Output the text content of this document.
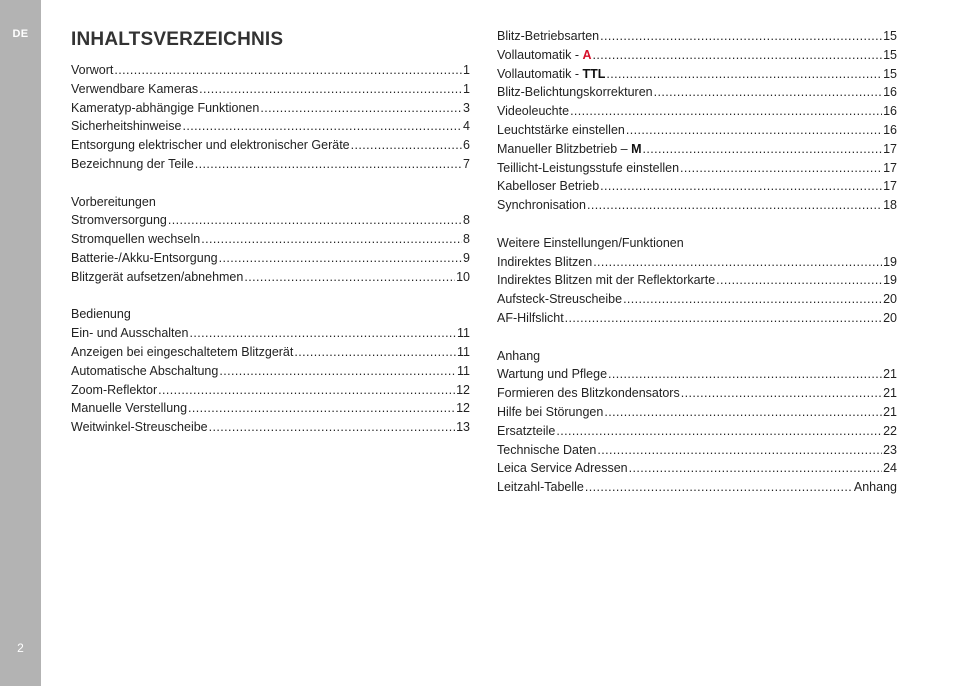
DE
2
INHALTSVERZEICHNIS
Vorwort .....	1
Verwendbare Kameras .....	1
Kameratyp-abhängige Funktionen .....	3
Sicherheitshinweise .....	4
Entsorgung elektrischer und elektronischer Geräte .....	6
Bezeichnung der Teile .....	7
Vorbereitungen
Stromversorgung .....	8
Stromquellen wechseln .....	8
Batterie-/Akku-Entsorgung .....	9
Blitzgerät aufsetzen/abnehmen .....	10
Bedienung
Ein- und Ausschalten .....	11
Anzeigen bei eingeschaltetem Blitzgerät .....	11
Automatische Abschaltung .....	11
Zoom-Reflektor .....	12
Manuelle Verstellung .....	12
Weitwinkel-Streuscheibe .....	13
Blitz-Betriebsarten .....	15
Vollautomatik - A .....	15
Vollautomatik - TTL .....	15
Blitz-Belichtungskorrekturen .....	16
Videoleuchte .....	16
Leuchtstärke einstellen .....	16
Manueller Blitzbetrieb – M .....	17
Teillicht-Leistungsstufe einstellen .....	17
Kabelloser Betrieb .....	17
Synchronisation .....	18
Weitere Einstellungen/Funktionen
Indirektes Blitzen .....	19
Indirektes Blitzen mit der Reflektorkarte .....	19
Aufsteck-Streuscheibe .....	20
AF-Hilfslicht .....	20
Anhang
Wartung und Pflege .....	21
Formieren des Blitzkondensators .....	21
Hilfe bei Störungen .....	21
Ersatzteile .....	22
Technische Daten .....	23
Leica Service Adressen .....	24
Leitzahl-Tabelle .....	Anhang
